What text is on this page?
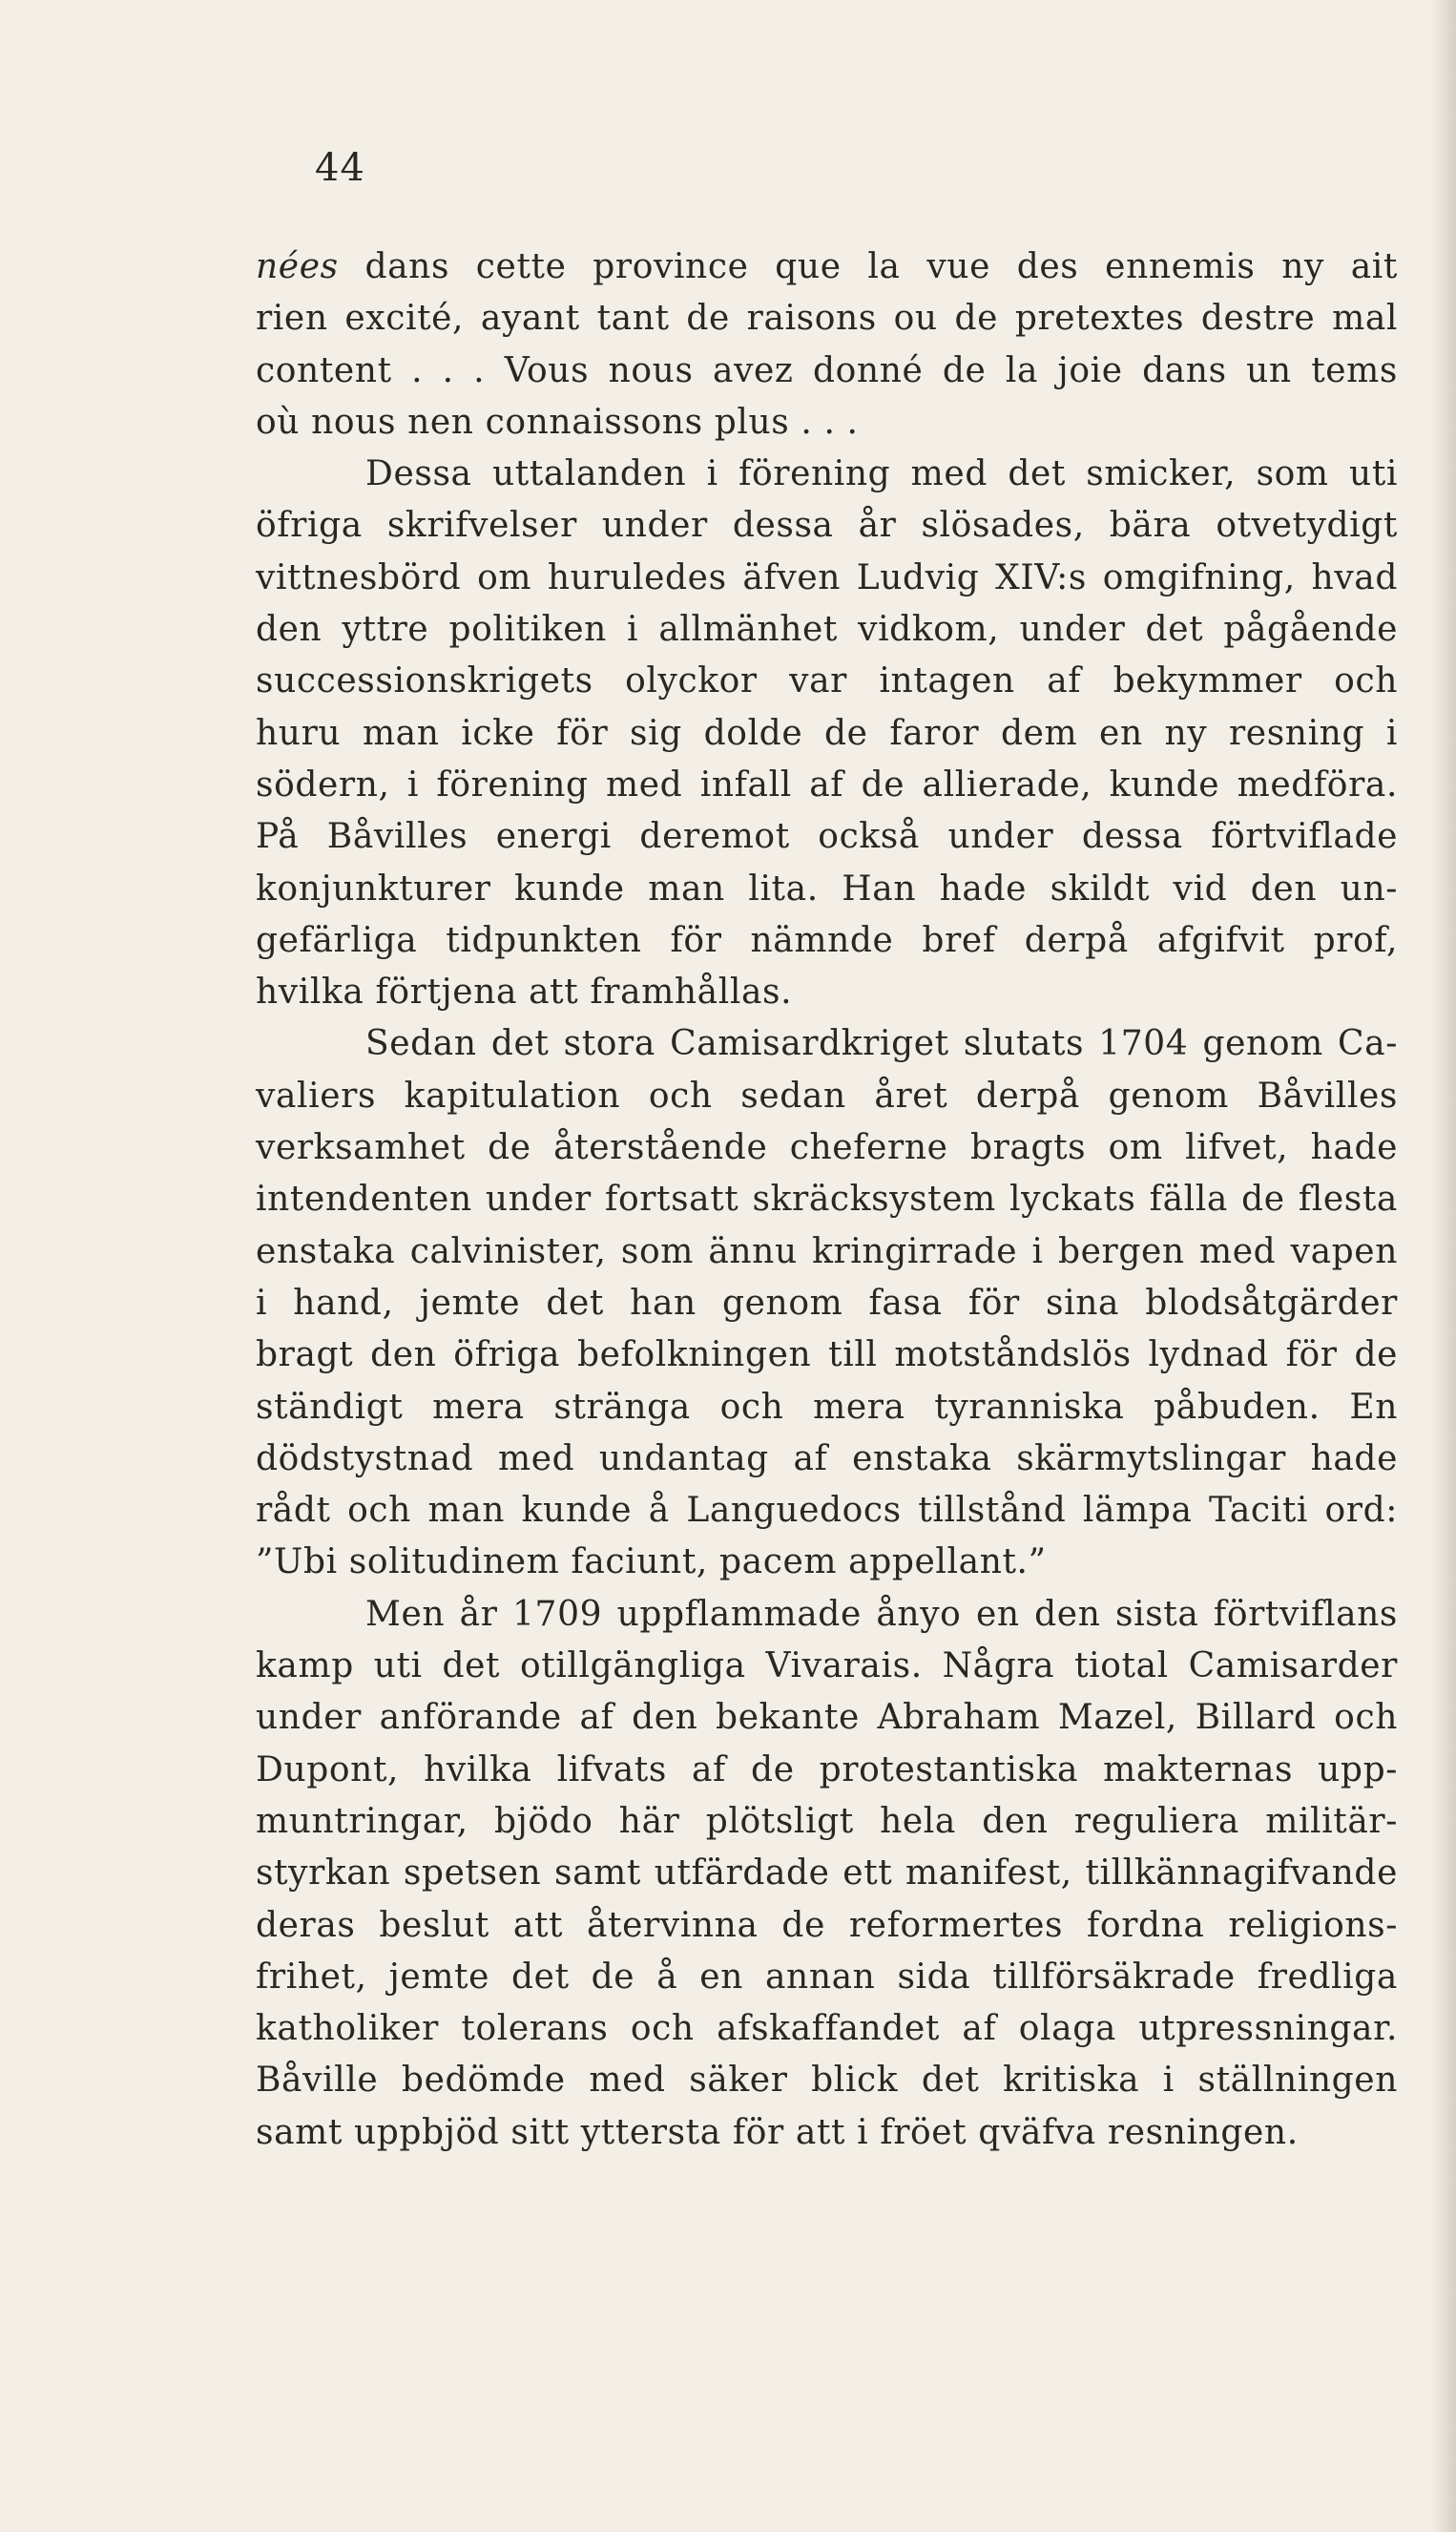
44
nées dans cette province que la vue des ennemis ny ait
rien excité, ayant tant de raisons ou de pretextes destre mal
content . . . Vous nous avez donné de la joie dans un tems
où nous nen connaissons plus . . .
Dessa uttalanden i förening med det smicker, som uti
öfriga skrifvelser under dessa år slösades, bära otvetydigt
vittnesbörd om huruledes äfven Ludvig XIV:s omgifning, hvad
den yttre politiken i allmänhet vidkom, under det pågående
successionskrigets olyckor var intagen af bekymmer och
huru man icke för sig dolde de faror dem en ny resning i
södern, i förening med infall af de allierade, kunde medföra.
På Båvilles energi deremot också under dessa förtviflade
konjunkturer kunde man lita. Han hade skildt vid den un-
gefärliga tidpunkten för nämnde bref derpå afgifvit prof,
hvilka förtjena att framhållas.
Sedan det stora Camisardkriget slutats 1704 genom Ca-
valiers kapitulation och sedan året derpå genom Båvilles
verksamhet de återstående cheferne bragts om lifvet, hade
intendenten under fortsatt skräcksystem lyckats fälla de flesta
enstaka calvinister, som ännu kringirrade i bergen med vapen
i hand, jemte det han genom fasa för sina blodsåtgärder
bragt den öfriga befolkningen till motståndslös lydnad för de
ständigt mera stränga och mera tyranniska påbuden. En
dödstystnad med undantag af enstaka skärmytslingar hade
rådt och man kunde å Languedocs tillstånd lämpa Taciti ord:
”Ubi solitudinem faciunt, pacem appellant.”
Men år 1709 uppflammade ånyo en den sista förtviflans
kamp uti det otillgängliga Vivarais. Några tiotal Camisarder
under anförande af den bekante Abraham Mazel, Billard och
Dupont, hvilka lifvats af de protestantiska makternas upp-
muntringar, bjödo här plötsligt hela den reguliera militär-
styrkan spetsen samt utfärdade ett manifest, tillkännagifvande
deras beslut att återvinna de reformertes fordna religions-
frihet, jemte det de å en annan sida tillförsäkrade fredliga
katholiker tolerans och afskaffandet af olaga utpressningar.
Båville bedömde med säker blick det kritiska i ställningen
samt uppbjöd sitt yttersta för att i fröet qväfva resningen.
